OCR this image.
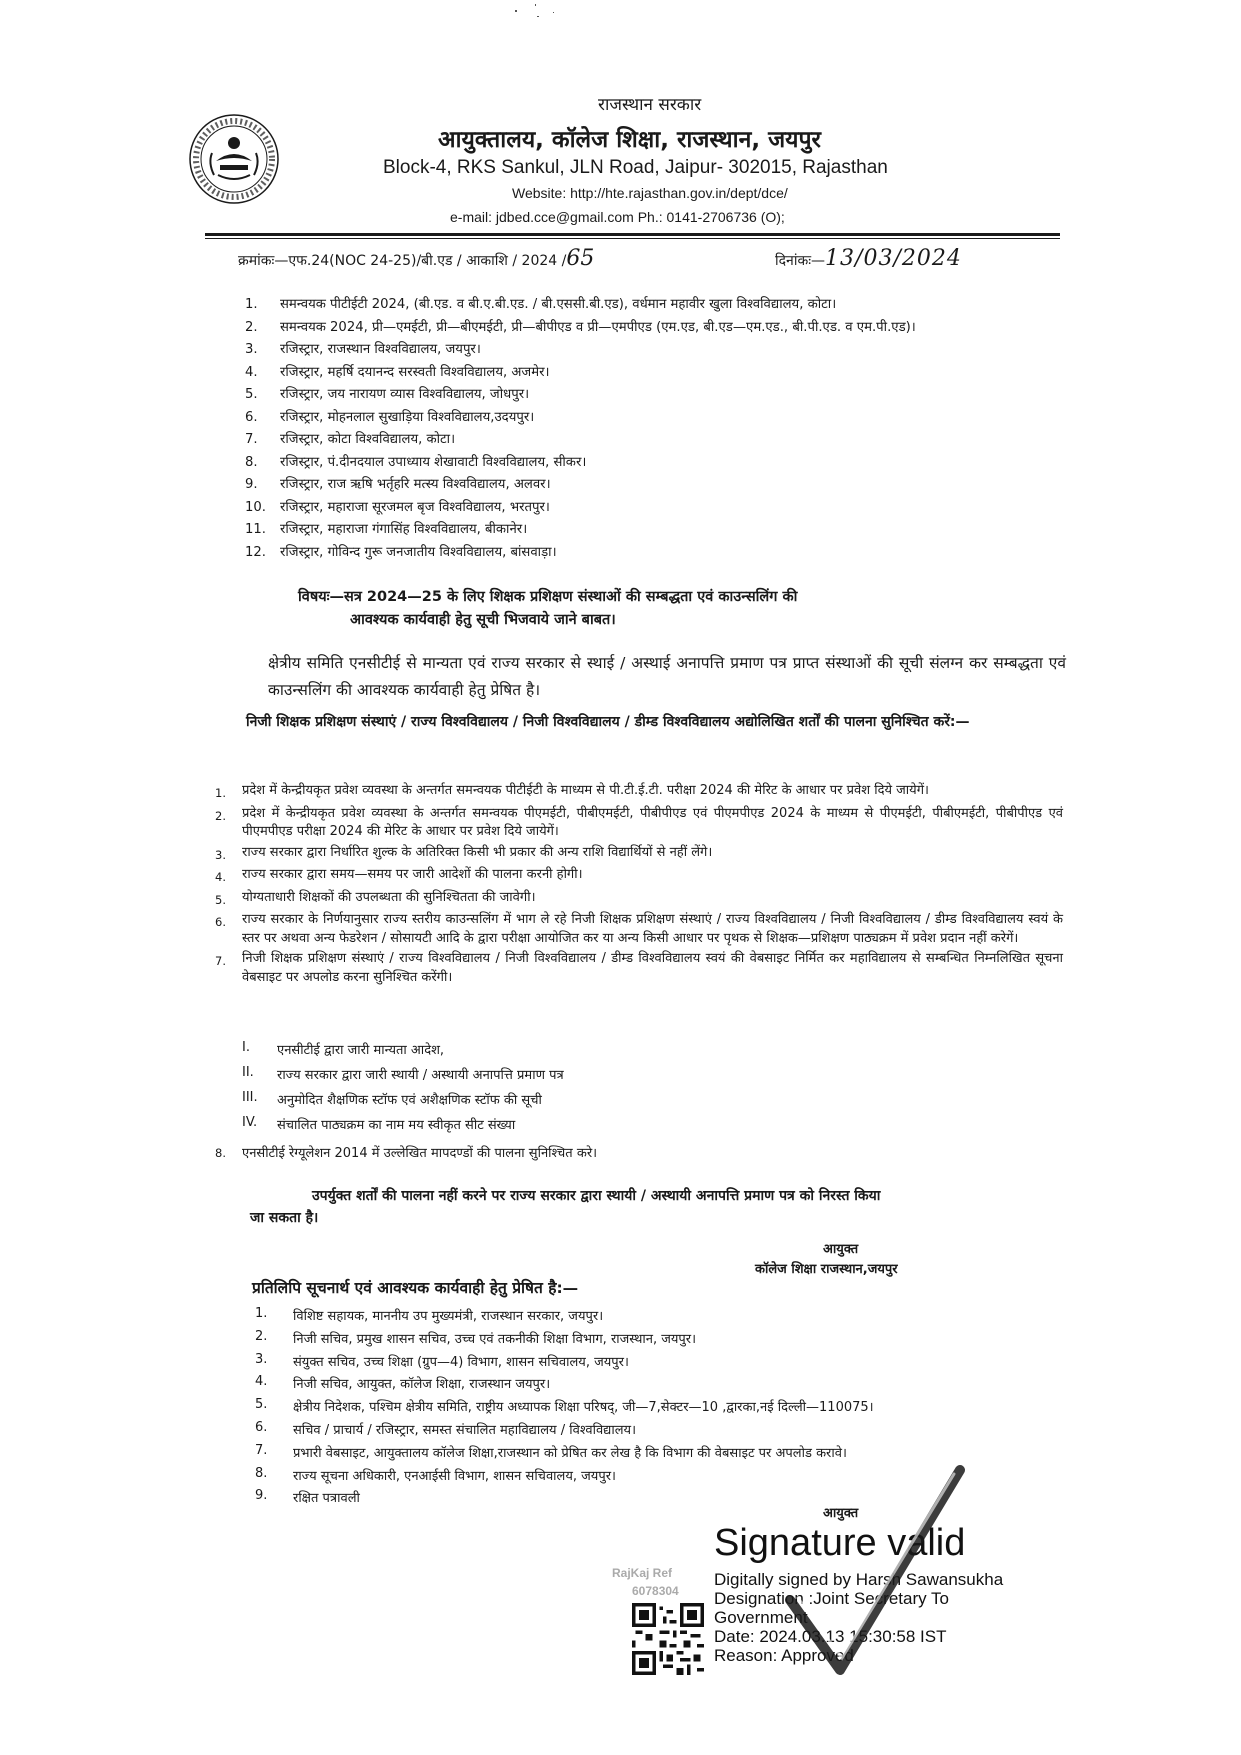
राजस्थान सरकार
आयुक्तालय, कॉलेज शिक्षा, राजस्थान, जयपुर
Block-4, RKS Sankul, JLN Road, Jaipur- 302015, Rajasthan
Website: http://hte.rajasthan.gov.in/dept/dce/
e-mail: jdbed.cce@gmail.com Ph.: 0141-2706736 (O);
क्रमांकः—एफ.24(NOC 24-25)/बी.एड / आकाशि / 2024 /65	दिनांकः—13/03/2024
1. समन्वयक पीटीईटी 2024, (बी.एड. व बी.ए.बी.एड. / बी.एससी.बी.एड), वर्धमान महावीर खुला विश्वविद्यालय, कोटा।
2. समन्वयक 2024, प्री—एमईटी, प्री—बीएमईटी, प्री—बीपीएड व प्री—एमपीएड (एम.एड, बी.एड—एम.एड., बी.पी.एड. व एम.पी.एड)।
3. रजिस्ट्रार, राजस्थान विश्वविद्यालय, जयपुर।
4. रजिस्ट्रार, महर्षि दयानन्द सरस्वती विश्वविद्यालय, अजमेर।
5. रजिस्ट्रार, जय नारायण व्यास विश्वविद्यालय, जोधपुर।
6. रजिस्ट्रार, मोहनलाल सुखाड़िया विश्वविद्यालय,उदयपुर।
7. रजिस्ट्रार, कोटा विश्वविद्यालय, कोटा।
8. रजिस्ट्रार, पं.दीनदयाल उपाध्याय शेखावाटी विश्वविद्यालय, सीकर।
9. रजिस्ट्रार, राज ऋषि भर्तृहरि मत्स्य विश्वविद्यालय, अलवर।
10. रजिस्ट्रार, महाराजा सूरजमल बृज विश्वविद्यालय, भरतपुर।
11. रजिस्ट्रार, महाराजा गंगासिंह विश्वविद्यालय, बीकानेर।
12. रजिस्ट्रार, गोविन्द गुरू जनजातीय विश्वविद्यालय, बांसवाड़ा।
विषयः—सत्र 2024—25 के लिए शिक्षक प्रशिक्षण संस्थाओं की सम्बद्धता एवं काउन्सलिंग की
आवश्यक कार्यवाही हेतु सूची भिजवाये जाने बाबत।
क्षेत्रीय समिति एनसीटीई से मान्यता एवं राज्य सरकार से स्थाई / अस्थाई अनापत्ति प्रमाण पत्र प्राप्त संस्थाओं की सूची संलग्न कर सम्बद्धता एवं काउन्सलिंग की आवश्यक कार्यवाही हेतु प्रेषित है।
निजी शिक्षक प्रशिक्षण संस्थाएं / राज्य विश्वविद्यालय / निजी विश्वविद्यालय / डीम्ड विश्वविद्यालय अद्योलिखित शर्तों की पालना सुनिश्चित करें:—
1.	प्रदेश में केन्द्रीयकृत प्रवेश व्यवस्था के अन्तर्गत समन्वयक पीटीईटी के माध्यम से पी.टी.ई.टी. परीक्षा 2024 की मेरिट के आधार पर प्रवेश दिये जायेगें।
2.	प्रदेश में केन्द्रीयकृत प्रवेश व्यवस्था के अन्तर्गत समन्वयक पीएमईटी, पीबीएमईटी, पीबीपीएड एवं पीएमपीएड 2024 के माध्यम से पीएमईटी, पीबीएमईटी, पीबीपीएड एवं पीएमपीएड परीक्षा 2024 की मेरिट के आधार पर प्रवेश दिये जायेगें।
3.	राज्य सरकार द्वारा निर्धारित शुल्क के अतिरिक्त किसी भी प्रकार की अन्य राशि विद्यार्थियों से नहीं लेंगे।
4.	राज्य सरकार द्वारा समय—समय पर जारी आदेशों की पालना करनी होगी।
5.	योग्यताधारी शिक्षकों की उपलब्धता की सुनिश्चितता की जावेगी।
6.	राज्य सरकार के निर्णयानुसार राज्य स्तरीय काउन्सलिंग में भाग ले रहे निजी शिक्षक प्रशिक्षण संस्थाएं / राज्य विश्वविद्यालय / निजी विश्वविद्यालय / डीम्ड विश्वविद्यालय स्वयं के स्तर पर अथवा अन्य फेडरेशन / सोसायटी आदि के द्वारा परीक्षा आयोजित कर या अन्य किसी आधार पर पृथक से शिक्षक—प्रशिक्षण पाठ्यक्रम में प्रवेश प्रदान नहीं करेगें।
7.	निजी शिक्षक प्रशिक्षण संस्थाएं / राज्य विश्वविद्यालय / निजी विश्वविद्यालय / डीम्ड विश्वविद्यालय स्वयं की वेबसाइट निर्मित कर महाविद्यालय से सम्बन्धित निम्नलिखित सूचना वेबसाइट पर अपलोड करना सुनिश्चित करेंगी।
I.	एनसीटीई द्वारा जारी मान्यता आदेश,
II.	राज्य सरकार द्वारा जारी स्थायी / अस्थायी अनापत्ति प्रमाण पत्र
III.	अनुमोदित शैक्षणिक स्टॉफ एवं अशैक्षणिक स्टॉफ की सूची
IV.	संचालित पाठ्यक्रम का नाम मय स्वीकृत सीट संख्या
8. एनसीटीई रेग्यूलेशन 2014 में उल्लेखित मापदण्डों की पालना सुनिश्चित करे।
उपर्युक्त शर्तों की पालना नहीं करने पर राज्य सरकार द्वारा स्थायी / अस्थायी अनापत्ति प्रमाण पत्र को निरस्त किया
जा सकता है।
आयुक्त
कॉलेज शिक्षा राजस्थान,जयपुर
प्रतिलिपि सूचनार्थ एवं आवश्यक कार्यवाही हेतु प्रेषित है:—
1.	विशिष्ट सहायक, माननीय उप मुख्यमंत्री, राजस्थान सरकार, जयपुर।
2.	निजी सचिव, प्रमुख शासन सचिव, उच्च एवं तकनीकी शिक्षा विभाग, राजस्थान, जयपुर।
3.	संयुक्त सचिव, उच्च शिक्षा (ग्रुप—4) विभाग, शासन सचिवालय, जयपुर।
4.	निजी सचिव, आयुक्त, कॉलेज शिक्षा, राजस्थान जयपुर।
5.	क्षेत्रीय निदेशक, पश्चिम क्षेत्रीय समिति, राष्ट्रीय अध्यापक शिक्षा परिषद्, जी—7,सेक्टर—10 ,द्वारका,नई दिल्ली—110075।
6.	सचिव / प्राचार्य / रजिस्ट्रार, समस्त संचालित महाविद्यालय / विश्वविद्यालय।
7.	प्रभारी वेबसाइट, आयुक्तालय कॉलेज शिक्षा,राजस्थान को प्रेषित कर लेख है कि विभाग की वेबसाइट पर अपलोड करावे।
8.	राज्य सूचना अधिकारी, एनआईसी विभाग, शासन सचिवालय, जयपुर।
9.	रक्षित पत्रावली
आयुक्त
Signature valid
Digitally signed by Harsh Sawansukha
Designation :Joint Secretary To
Government
Date: 2024.03.13 15:30:58 IST
Reason: Approved
RajKaj Ref
6078304
